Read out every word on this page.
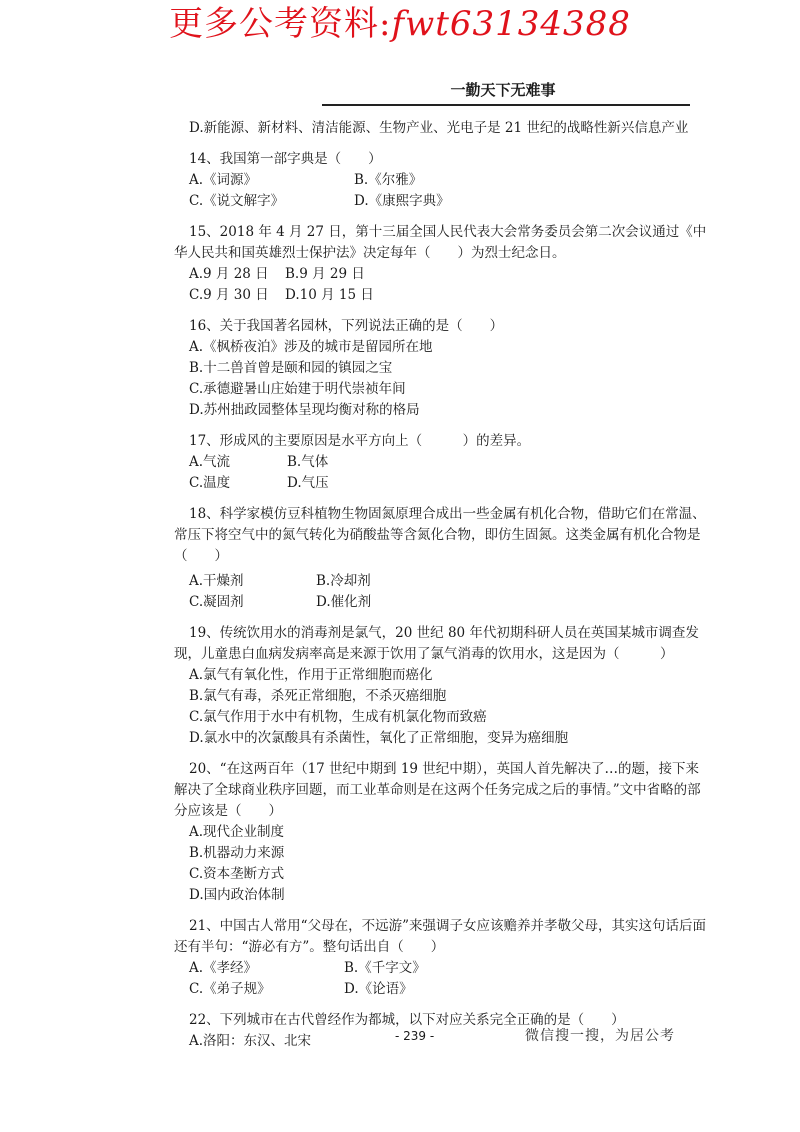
更多公考资料:fwt63134388
一勤天下无难事
D.新能源、新材料、清洁能源、生物产业、光电子是 21 世纪的战略性新兴信息产业
14、我国第一部字典是（　　）
A.《词源》	B.《尔雅》
C.《说文解字》	D.《康熙字典》
15、2018 年 4 月 27 日，第十三届全国人民代表大会常务委员会第二次会议通过《中华人民共和国英雄烈士保护法》决定每年（　　）为烈士纪念日。
A.9 月 28 日	B.9 月 29 日
C.9 月 30 日	D.10 月 15 日
16、关于我国著名园林，下列说法正确的是（　　）
A.《枫桥夜泊》涉及的城市是留园所在地
B.十二兽首曾是颐和园的镇园之宝
C.承德避暑山庄始建于明代崇祯年间
D.苏州拙政园整体呈现均衡对称的格局
17、形成风的主要原因是水平方向上（　　　）的差异。
A.气流	B.气体
C.温度	D.气压
18、科学家模仿豆科植物生物固氮原理合成出一些金属有机化合物，借助它们在常温、常压下将空气中的氮气转化为硝酸盐等含氮化合物，即仿生固氮。这类金属有机化合物是（　　）
A.干燥剂	B.冷却剂
C.凝固剂	D.催化剂
19、传统饮用水的消毒剂是氯气，20 世纪 80 年代初期科研人员在英国某城市调查发现，儿童患白血病发病率高是来源于饮用了氯气消毒的饮用水，这是因为（　　　）
A.氯气有氧化性，作用于正常细胞而癌化
B.氯气有毒，杀死正常细胞，不杀灭癌细胞
C.氯气作用于水中有机物，生成有机氯化物而致癌
D.氯水中的次氯酸具有杀菌性，氧化了正常细胞，变异为癌细胞
20、“在这两百年（17 世纪中期到 19 世纪中期），英国人首先解决了…的题，接下来解决了全球商业秩序回题，而工业革命则是在这两个任务完成之后的事情。”文中省略的部分应该是（　　）
A.现代企业制度
B.机器动力来源
C.资本垄断方式
D.国内政治体制
21、中国古人常用“父母在，不远游”来强调子女应该赡养并孝敬父母，其实这句话后面还有半句：“游必有方”。整句话出自（　　）
A.《孝经》	B.《千字文》
C.《弟子规》	D.《论语》
22、下列城市在古代曾经作为都城，以下对应关系完全正确的是（　　）
A.洛阳：东汉、北宋	- 239 -	微信搜一搜，为居公考
